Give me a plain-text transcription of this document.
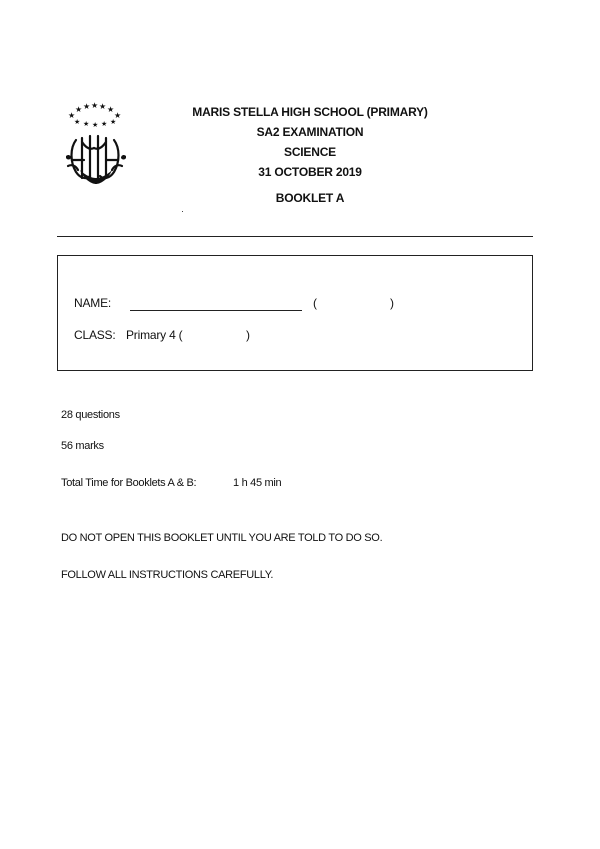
★
★ ★ ★ ★ ★
★
★ ★ ★ ★ ★
MARIS STELLA HIGH SCHOOL (PRIMARY)
SA2 EXAMINATION
SCIENCE
31 OCTOBER 2019
BOOKLET A
NAME:	(	)
CLASS: Primary 4 (	)
28 questions
56 marks
Total Time for Booklets A & B:	1 h 45 min
DO NOT OPEN THIS BOOKLET UNTIL YOU ARE TOLD TO DO SO.
FOLLOW ALL INSTRUCTIONS CAREFULLY.
